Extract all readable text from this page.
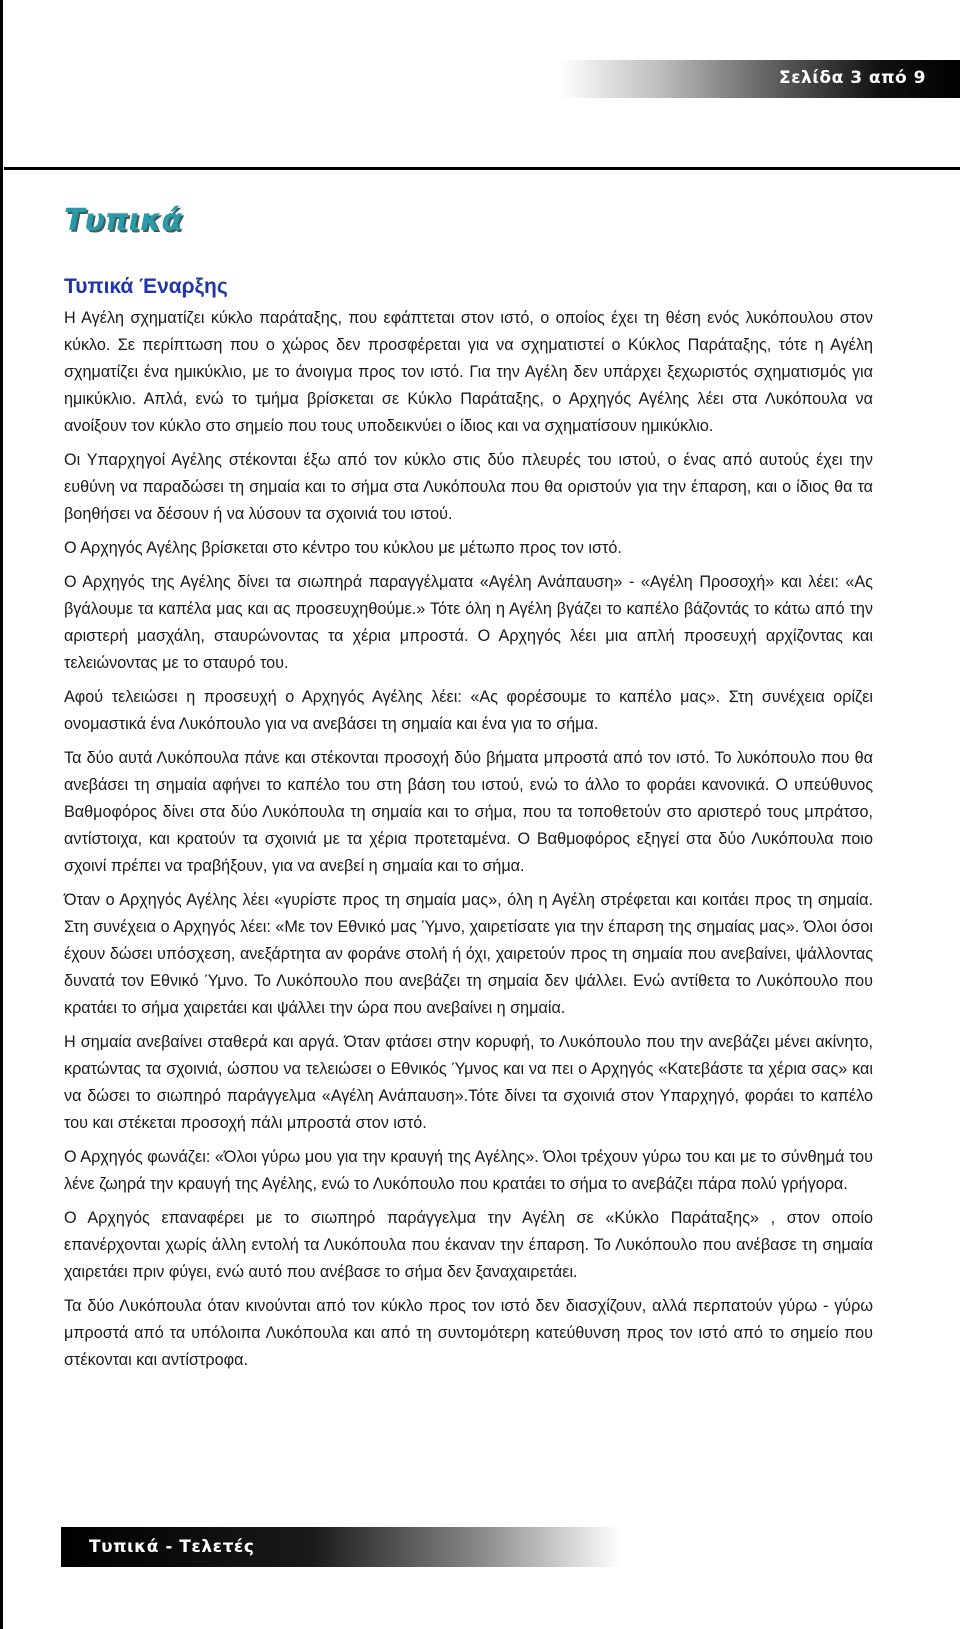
Σελίδα 3 από 9
Τυπικά
Τυπικά Έναρξης

Η Αγέλη σχηματίζει κύκλο παράταξης, που εφάπτεται στον ιστό, ο οποίος έχει τη θέση ενός λυκόπουλου στον κύκλο. Σε περίπτωση που ο χώρος δεν προσφέρεται για να σχηματιστεί ο Κύκλος Παράταξης, τότε η Αγέλη σχηματίζει ένα ημικύκλιο, με το άνοιγμα προς τον ιστό. Για την Αγέλη δεν υπάρχει ξεχωριστός σχηματισμός για ημικύκλιο. Απλά, ενώ το τμήμα βρίσκεται σε Κύκλο Παράταξης, ο Αρχηγός Αγέλης λέει στα Λυκόπουλα να ανοίξουν τον κύκλο στο σημείο που τους υποδεικνύει ο ίδιος και να σχηματίσουν ημικύκλιο.

Οι Υπαρχηγοί Αγέλης στέκονται έξω από τον κύκλο στις δύο πλευρές του ιστού, ο ένας από αυτούς έχει την ευθύνη να παραδώσει τη σημαία και το σήμα στα Λυκόπουλα που θα οριστούν για την έπαρση, και ο ίδιος θα τα βοηθήσει να δέσουν ή να λύσουν τα σχοινιά του ιστού.

Ο Αρχηγός Αγέλης βρίσκεται στο κέντρο του κύκλου με μέτωπο προς τον ιστό.

Ο Αρχηγός της Αγέλης δίνει τα σιωπηρά παραγγέλματα «Αγέλη Ανάπαυση» - «Αγέλη Προσοχή» και λέει: «Ας βγάλουμε τα καπέλα μας και ας προσευχηθούμε.» Τότε όλη η Αγέλη βγάζει το καπέλο βάζοντάς το κάτω από την αριστερή μασχάλη, σταυρώνοντας τα χέρια μπροστά. Ο Αρχηγός λέει μια απλή προσευχή αρχίζοντας και τελειώνοντας με το σταυρό του.

Αφού τελειώσει η προσευχή ο Αρχηγός Αγέλης λέει: «Ας φορέσουμε το καπέλο μας». Στη συνέχεια ορίζει ονομαστικά ένα Λυκόπουλο για να ανεβάσει τη σημαία και ένα για το σήμα.

Τα δύο αυτά Λυκόπουλα πάνε και στέκονται προσοχή δύο βήματα μπροστά από τον ιστό. Το λυκόπουλο που θα ανεβάσει τη σημαία αφήνει το καπέλο του στη βάση του ιστού, ενώ το άλλο το φοράει κανονικά. Ο υπεύθυνος Βαθμοφόρος δίνει στα δύο Λυκόπουλα τη σημαία και το σήμα, που τα τοποθετούν στο αριστερό τους μπράτσο, αντίστοιχα, και κρατούν τα σχοινιά με τα χέρια προτεταμένα. Ο Βαθμοφόρος εξηγεί στα δύο Λυκόπουλα ποιο σχοινί πρέπει να τραβήξουν, για να ανεβεί η σημαία και το σήμα.

Όταν ο Αρχηγός Αγέλης λέει «γυρίστε προς τη σημαία μας», όλη η Αγέλη στρέφεται και κοιτάει προς τη σημαία. Στη συνέχεια ο Αρχηγός λέει: «Με τον Εθνικό μας Ύμνο, χαιρετίσατε για την έπαρση της σημαίας μας». Όλοι όσοι έχουν δώσει υπόσχεση, ανεξάρτητα αν φοράνε στολή ή όχι, χαιρετούν προς τη σημαία που ανεβαίνει, ψάλλοντας δυνατά τον Εθνικό Ύμνο. Το Λυκόπουλο που ανεβάζει τη σημαία δεν ψάλλει. Ενώ αντίθετα το Λυκόπουλο που κρατάει το σήμα χαιρετάει και ψάλλει την ώρα που ανεβαίνει η σημαία.

Η σημαία ανεβαίνει σταθερά και αργά. Όταν φτάσει στην κορυφή, το Λυκόπουλο που την ανεβάζει μένει ακίνητο, κρατώντας τα σχοινιά, ώσπου να τελειώσει ο Εθνικός Ύμνος και να πει ο Αρχηγός «Κατεβάστε τα χέρια σας» και να δώσει το σιωπηρό παράγγελμα «Αγέλη Ανάπαυση».Τότε δίνει τα σχοινιά στον Υπαρχηγό, φοράει το καπέλο του και στέκεται προσοχή πάλι μπροστά στον ιστό.

Ο Αρχηγός φωνάζει: «Όλοι γύρω μου για την κραυγή της Αγέλης». Όλοι τρέχουν γύρω του και με το σύνθημά του λένε ζωηρά την κραυγή της Αγέλης, ενώ το Λυκόπουλο που κρατάει το σήμα το ανεβάζει πάρα πολύ γρήγορα.

Ο Αρχηγός επαναφέρει με το σιωπηρό παράγγελμα την Αγέλη σε «Κύκλο Παράταξης» , στον οποίο επανέρχονται χωρίς άλλη εντολή τα Λυκόπουλα που έκαναν την έπαρση. Το Λυκόπουλο που ανέβασε τη σημαία χαιρετάει πριν φύγει, ενώ αυτό που ανέβασε το σήμα δεν ξαναχαιρετάει.

Τα δύο Λυκόπουλα όταν κινούνται από τον κύκλο προς τον ιστό δεν διασχίζουν, αλλά περπατούν γύρω - γύρω μπροστά από τα υπόλοιπα Λυκόπουλα και από τη συντομότερη κατεύθυνση προς τον ιστό από το σημείο που στέκονται και αντίστροφα.

Τυπικά - Τελετές
